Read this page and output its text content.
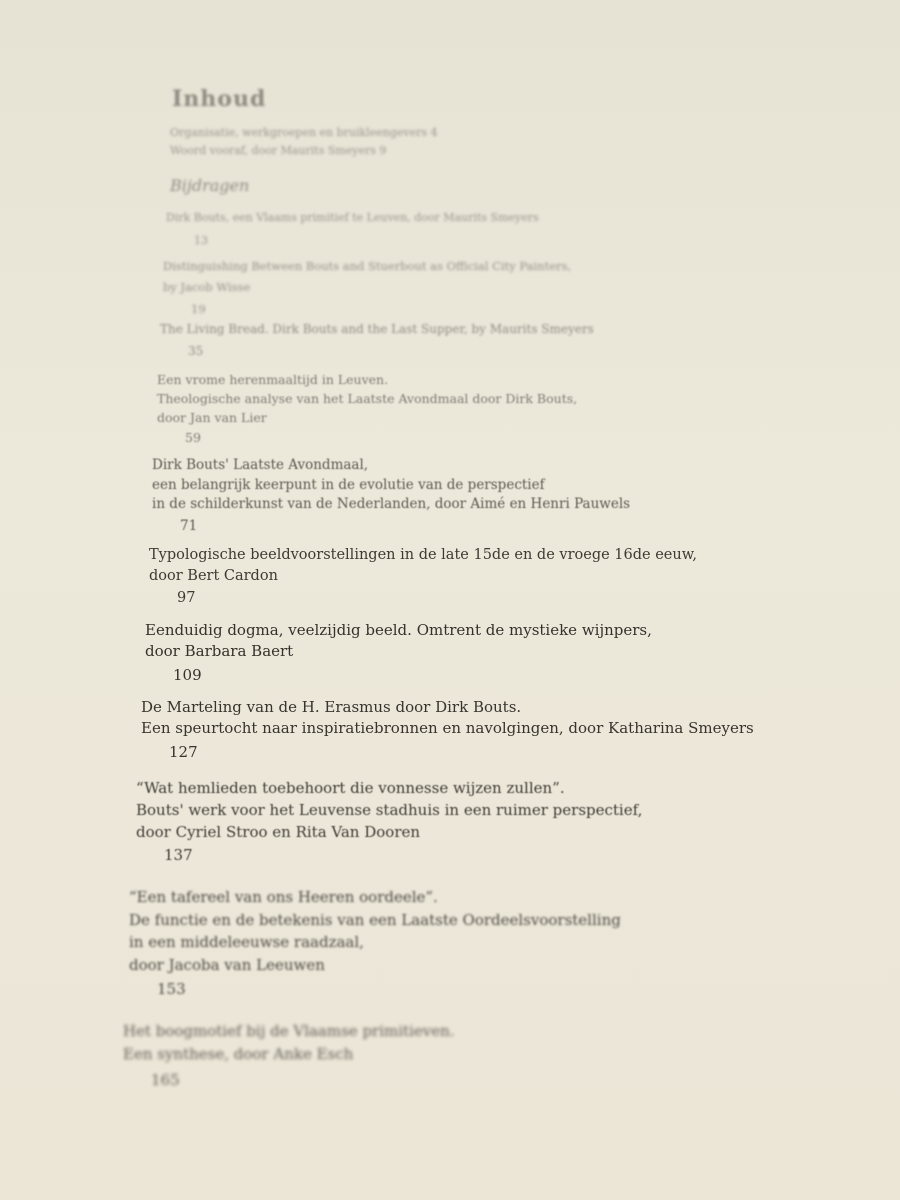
Inhoud
Organisatie, werkgroepen en bruikleengevers 4
Woord vooraf, door Maurits Smeyers 9
Bijdragen
Dirk Bouts, een Vlaams primitief te Leuven, door Maurits Smeyers
13
Distinguishing Between Bouts and Stuerbout as Official City Painters,
by Jacob Wisse
19
The Living Bread. Dirk Bouts and the Last Supper, by Maurits Smeyers
35
Een vrome herenmaaltijd in Leuven.
Theologische analyse van het Laatste Avondmaal door Dirk Bouts,
door Jan van Lier
59
Dirk Bouts' Laatste Avondmaal,
een belangrijk keerpunt in de evolutie van de perspectief
in de schilderkunst van de Nederlanden, door Aimé en Henri Pauwels
71
Typologische beeldvoorstellingen in de late 15de en de vroege 16de eeuw,
door Bert Cardon
97
Eenduidig dogma, veelzijdig beeld. Omtrent de mystieke wijnpers,
door Barbara Baert
109
De Marteling van de H. Erasmus door Dirk Bouts.
Een speurtocht naar inspiratiebronnen en navolgingen, door Katharina Smeyers
127
“Wat hemlieden toebehoort die vonnesse wijzen zullen”.
Bouts' werk voor het Leuvense stadhuis in een ruimer perspectief,
door Cyriel Stroo en Rita Van Dooren
137
“Een tafereel van ons Heeren oordeele”.
De functie en de betekenis van een Laatste Oordeelsvoorstelling
in een middeleeuwse raadzaal,
door Jacoba van Leeuwen
153
Het boogmotief bij de Vlaamse primitieven.
Een synthese, door Anke Esch
165
